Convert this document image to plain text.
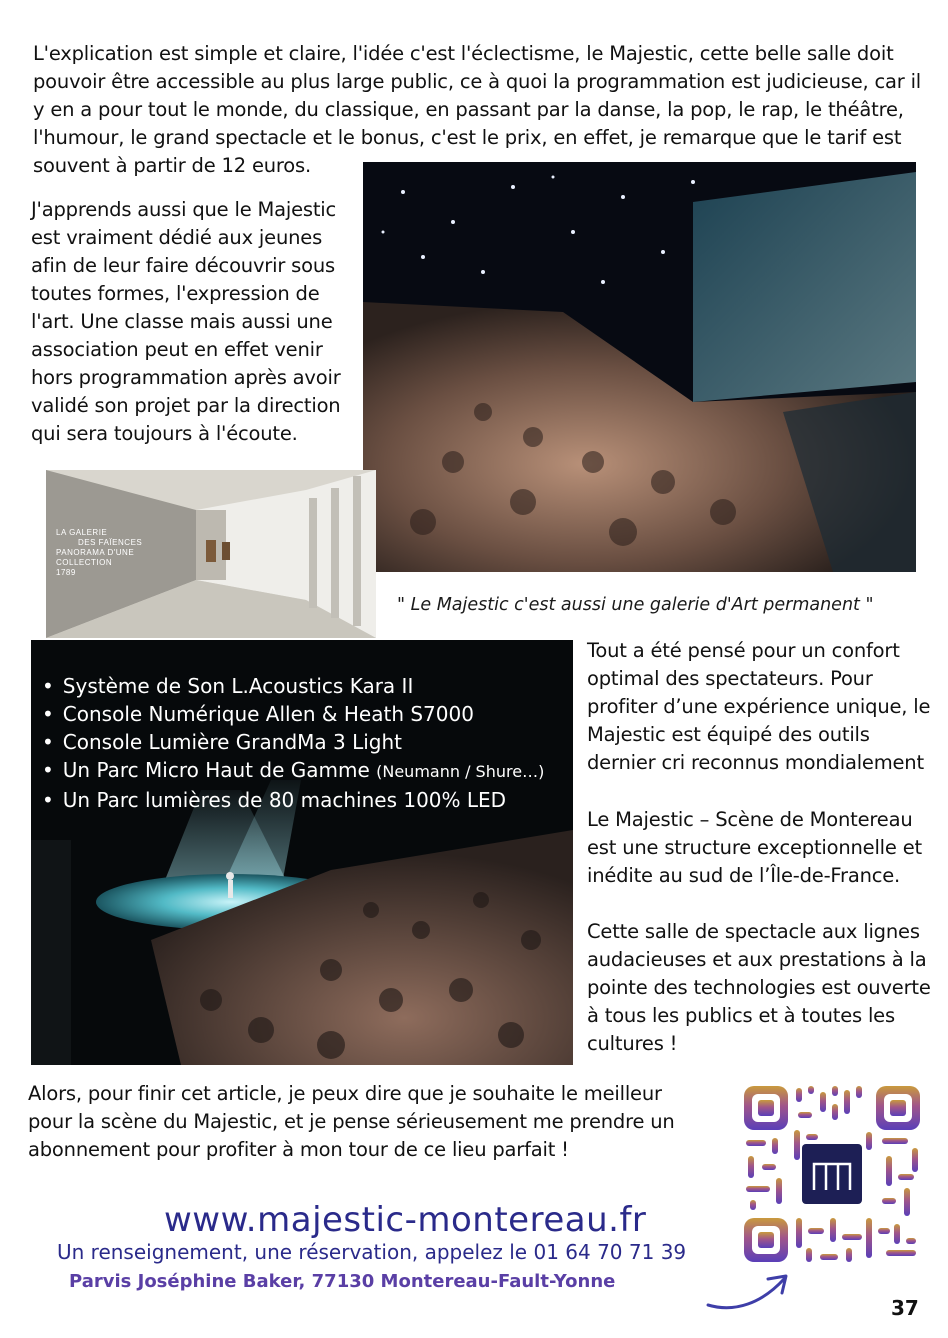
L'explication est simple et claire, l'idée c'est l'éclectisme, le Majestic, cette belle salle doit pouvoir être accessible au plus large public, ce à quoi la programmation est judicieuse, car il y en a pour tout le monde, du classique, en passant par la danse, la pop, le rap, le théâtre, l'humour, le grand spectacle et le bonus, c'est le prix, en effet, je remarque que le tarif est souvent à partir de 12 euros.

J'apprends aussi que le Majestic est vraiment dédié aux jeunes afin de leur faire découvrir sous toutes formes, l'expression de l'art. Une classe mais aussi une association peut en effet venir hors programmation après avoir validé son projet par la direction qui sera toujours à l'écoute.

LA GALERIE
DES FAÏENCES
PANORAMA D'UNE
COLLECTION
1789
" Le Majestic c'est aussi une galerie d'Art permanent "
• Système de Son L.Acoustics Kara II
• Console Numérique Allen & Heath S7000
• Console Lumière GrandMa 3 Light
• Un Parc Micro Haut de Gamme (Neumann / Shure…)
• Un Parc lumières de 80 machines 100% LED

Tout a été pensé pour un confort optimal des spectateurs. Pour profiter d’une expérience unique, le Majestic est équipé des outils dernier cri reconnus mondialement

Le Majestic – Scène de Montereau est une structure exceptionnelle et inédite au sud de l’Île-de-France.

Cette salle de spectacle aux lignes audacieuses et aux prestations à la pointe des technologies est ouverte à tous les publics et à toutes les cultures !

Alors, pour finir cet article, je peux dire que je souhaite le meilleur pour la scène du Majestic, et je pense sérieusement me prendre un abonnement pour profiter à mon tour de ce lieu parfait !

www.majestic-montereau.fr
Un renseignement, une réservation, appelez le 01 64 70 71 39
Parvis Joséphine Baker, 77130 Montereau-Fault-Yonne
37
